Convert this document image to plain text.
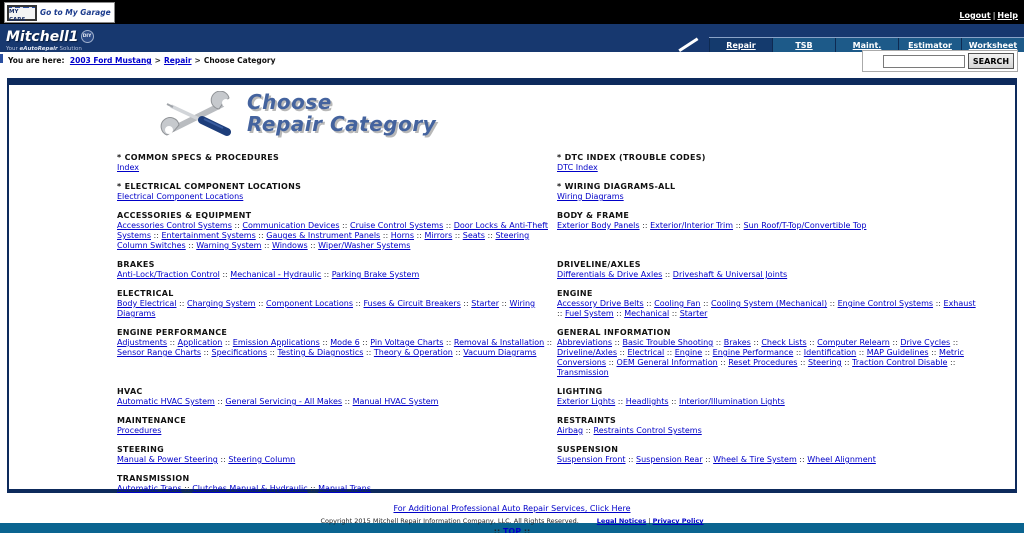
MY CARS
Go to My Garage	Logout | Help
Mitchell1 DIY
Your eAutoRepair Solution	Repair	TSB	Maint.	Estimator Worksheet
You are here: 2003 Ford Mustang > Repair > Choose Category	SEARCH
Choose
Repair Category
* COMMON SPECS & PROCEDURES
Index
* DTC INDEX (TROUBLE CODES)
DTC Index
* ELECTRICAL COMPONENT LOCATIONS
Electrical Component Locations
* WIRING DIAGRAMS-ALL
Wiring Diagrams
ACCESSORIES & EQUIPMENT
Accessories Control Systems :: Communication Devices :: Cruise Control Systems :: Door Locks & Anti-Theft Systems :: Entertainment Systems :: Gauges & Instrument Panels :: Horns :: Mirrors :: Seats :: Steering Column Switches :: Warning System :: Windows :: Wiper/Washer Systems
BODY & FRAME
Exterior Body Panels :: Exterior/Interior Trim :: Sun Roof/T-Top/Convertible Top
BRAKES
Anti-Lock/Traction Control :: Mechanical - Hydraulic :: Parking Brake System
DRIVELINE/AXLES
Differentials & Drive Axles :: Driveshaft & Universal Joints
ELECTRICAL
Body Electrical :: Charging System :: Component Locations :: Fuses & Circuit Breakers :: Starter :: Wiring Diagrams
ENGINE
Accessory Drive Belts :: Cooling Fan :: Cooling System (Mechanical) :: Engine Control Systems :: Exhaust :: Fuel System :: Mechanical :: Starter
ENGINE PERFORMANCE
Adjustments :: Application :: Emission Applications :: Mode 6 :: Pin Voltage Charts :: Removal & Installation :: Sensor Range Charts :: Specifications :: Testing & Diagnostics :: Theory & Operation :: Vacuum Diagrams
GENERAL INFORMATION
Abbreviations :: Basic Trouble Shooting :: Brakes :: Check Lists :: Computer Relearn :: Drive Cycles :: Driveline/Axles :: Electrical :: Engine :: Engine Performance :: Identification :: MAP Guidelines :: Metric Conversions :: OEM General Information :: Reset Procedures :: Steering :: Traction Control Disable :: Transmission
HVAC
Automatic HVAC System :: General Servicing - All Makes :: Manual HVAC System
LIGHTING
Exterior Lights :: Headlights :: Interior/Illumination Lights
MAINTENANCE
Procedures
RESTRAINTS
Airbag :: Restraints Control Systems
STEERING
Manual & Power Steering :: Steering Column
SUSPENSION
Suspension Front :: Suspension Rear :: Wheel & Tire System :: Wheel Alignment
TRANSMISSION
Automatic Trans :: Clutches Manual & Hydraulic :: Manual Trans
For Additional Professional Auto Repair Services, Click Here
Copyright 2015 Mitchell Repair Information Company, LLC. All Rights Reserved.	Legal Notices | Privacy Policy
:: TOP ::
